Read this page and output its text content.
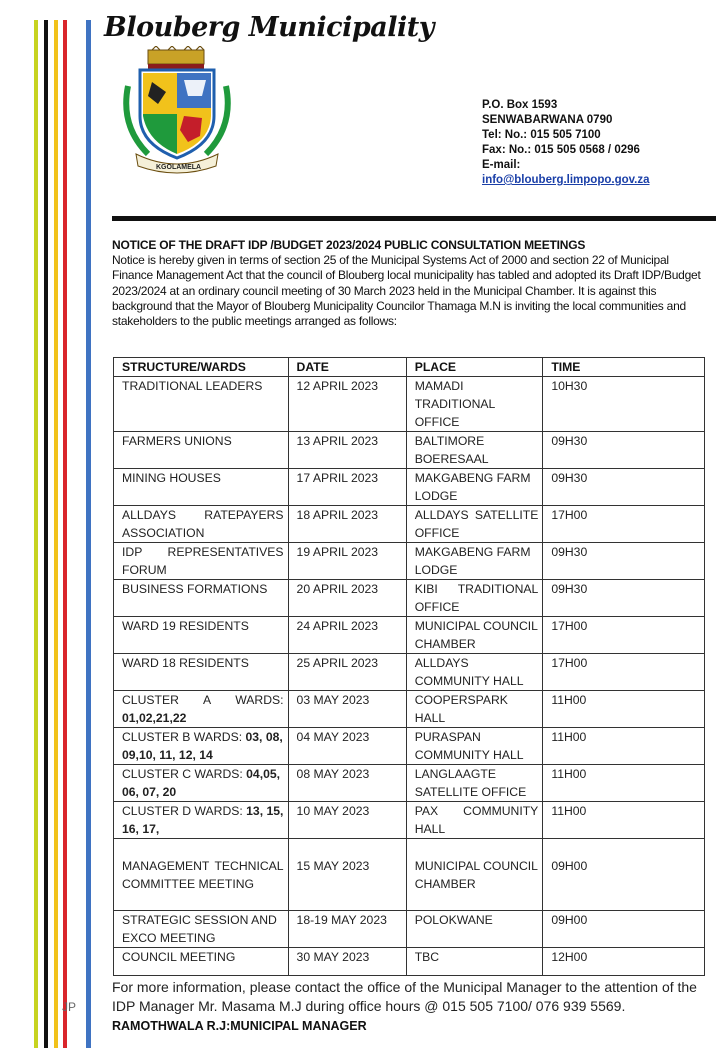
Blouberg Municipality
KGOLAMELA
P.O. Box 1593
SENWABARWANA 0790
Tel: No.: 015 505 7100
Fax: No.: 015 505 0568 / 0296
E-mail:
info@blouberg.limpopo.gov.za
NOTICE OF THE DRAFT IDP /BUDGET 2023/2024 PUBLIC CONSULTATION MEETINGS
Notice is hereby given in terms of section 25 of the Municipal Systems Act of 2000 and section 22 of Municipal Finance Management Act that the council of Blouberg local municipality has tabled and adopted its Draft IDP/Budget 2023/2024 at an ordinary council meeting of 30 March 2023 held in the Municipal Chamber. It is against this background that the Mayor of Blouberg Municipality Councilor Thamaga M.N is inviting the local communities and stakeholders to the public meetings arranged as follows:
STRUCTURE/WARDS	DATE	PLACE	TIME
TRADITIONAL LEADERS	12 APRIL 2023	MAMADI TRADITIONAL OFFICE	10H30
FARMERS UNIONS	13 APRIL 2023	BALTIMORE BOERESAAL	09H30
MINING HOUSES	17 APRIL 2023	MAKGABENG FARM LODGE	09H30
ALLDAYS RATEPAYERS ASSOCIATION	18 APRIL 2023	ALLDAYS SATELLITE OFFICE	17H00
IDP REPRESENTATIVES FORUM	19 APRIL 2023	MAKGABENG FARM LODGE	09H30
BUSINESS FORMATIONS	20 APRIL 2023	KIBI TRADITIONAL OFFICE	09H30
WARD 19 RESIDENTS	24 APRIL 2023	MUNICIPAL COUNCIL CHAMBER	17H00
WARD 18 RESIDENTS	25 APRIL 2023	ALLDAYS COMMUNITY HALL	17H00
CLUSTER A WARDS: 01,02,21,22	03 MAY 2023	COOPERSPARK HALL	11H00
CLUSTER B WARDS: 03, 08, 09,10, 11, 12, 14	04 MAY 2023	PURASPAN COMMUNITY HALL	11H00
CLUSTER C WARDS: 04,05, 06, 07, 20	08 MAY 2023	LANGLAAGTE SATELLITE OFFICE	11H00
CLUSTER D WARDS: 13, 15, 16, 17,	10 MAY 2023	PAX COMMUNITY HALL	11H00
MANAGEMENT TECHNICAL COMMITTEE MEETING	15 MAY 2023	MUNICIPAL COUNCIL CHAMBER	09H00
STRATEGIC SESSION AND EXCO MEETING	18-19 MAY 2023	POLOKWANE	09H00
COUNCIL MEETING	30 MAY 2023	TBC	12H00
JP
For more information, please contact the office of the Municipal Manager to the attention of the IDP Manager Mr. Masama M.J during office hours @ 015 505 7100/ 076 939 5569.
RAMOTHWALA R.J:MUNICIPAL MANAGER
